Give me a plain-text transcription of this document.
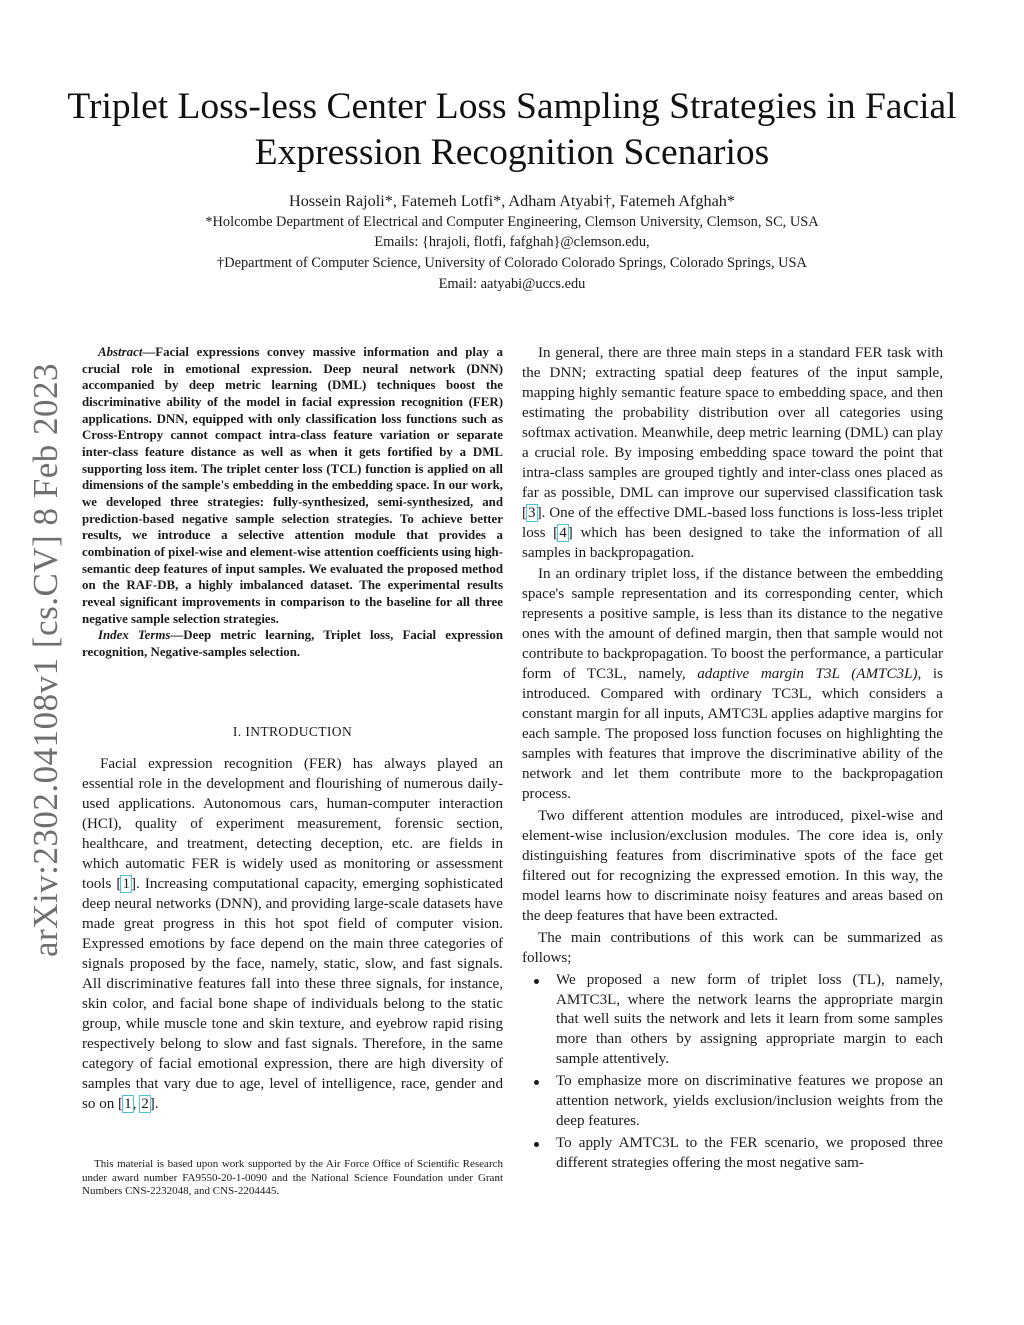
arXiv:2302.04108v1 [cs.CV] 8 Feb 2023
Triplet Loss-less Center Loss Sampling Strategies in Facial Expression Recognition Scenarios
Hossein Rajoli*, Fatemeh Lotfi*, Adham Atyabi†, Fatemeh Afghah*
*Holcombe Department of Electrical and Computer Engineering, Clemson University, Clemson, SC, USA
Emails: {hrajoli, flotfi, fafghah}@clemson.edu,
†Department of Computer Science, University of Colorado Colorado Springs, Colorado Springs, USA
Email: aatyabi@uccs.edu

Abstract—Facial expressions convey massive information and play a crucial role in emotional expression. Deep neural network (DNN) accompanied by deep metric learning (DML) techniques boost the discriminative ability of the model in facial expression recognition (FER) applications. DNN, equipped with only classification loss functions such as Cross-Entropy cannot compact intra-class feature variation or separate inter-class feature distance as well as when it gets fortified by a DML supporting loss item. The triplet center loss (TCL) function is applied on all dimensions of the sample's embedding in the embedding space. In our work, we developed three strategies: fully-synthesized, semi-synthesized, and prediction-based negative sample selection strategies. To achieve better results, we introduce a selective attention module that provides a combination of pixel-wise and element-wise attention coefficients using high-semantic deep features of input samples. We evaluated the proposed method on the RAF-DB, a highly imbalanced dataset. The experimental results reveal significant improvements in comparison to the baseline for all three negative sample selection strategies.

Index Terms—Deep metric learning, Triplet loss, Facial expression recognition, Negative-samples selection.

I. INTRODUCTION

Facial expression recognition (FER) has always played an essential role in the development and flourishing of numerous daily-used applications. Autonomous cars, human-computer interaction (HCI), quality of experiment measurement, forensic section, healthcare, and treatment, detecting deception, etc. are fields in which automatic FER is widely used as monitoring or assessment tools [1]. Increasing computational capacity, emerging sophisticated deep neural networks (DNN), and providing large-scale datasets have made great progress in this hot spot field of computer vision. Expressed emotions by face depend on the main three categories of signals proposed by the face, namely, static, slow, and fast signals. All discriminative features fall into these three signals, for instance, skin color, and facial bone shape of individuals belong to the static group, while muscle tone and skin texture, and eyebrow rapid rising respectively belong to slow and fast signals. Therefore, in the same category of facial emotional expression, there are high diversity of samples that vary due to age, level of intelligence, race, gender and so on [1, 2].

This material is based upon work supported by the Air Force Office of Scientific Research under award number FA9550-20-1-0090 and the National Science Foundation under Grant Numbers CNS-2232048, and CNS-2204445.

In general, there are three main steps in a standard FER task with the DNN; extracting spatial deep features of the input sample, mapping highly semantic feature space to embedding space, and then estimating the probability distribution over all categories using softmax activation. Meanwhile, deep metric learning (DML) can play a crucial role. By imposing embedding space toward the point that intra-class samples are grouped tightly and inter-class ones placed as far as possible, DML can improve our supervised classification task [3]. One of the effective DML-based loss functions is loss-less triplet loss [4] which has been designed to take the information of all samples in backpropagation.

In an ordinary triplet loss, if the distance between the embedding space's sample representation and its corresponding center, which represents a positive sample, is less than its distance to the negative ones with the amount of defined margin, then that sample would not contribute to backpropagation. To boost the performance, a particular form of TC3L, namely, adaptive margin T3L (AMTC3L), is introduced. Compared with ordinary TC3L, which considers a constant margin for all inputs, AMTC3L applies adaptive margins for each sample. The proposed loss function focuses on highlighting the samples with features that improve the discriminative ability of the network and let them contribute more to the backpropagation process.

Two different attention modules are introduced, pixel-wise and element-wise inclusion/exclusion modules. The core idea is, only distinguishing features from discriminative spots of the face get filtered out for recognizing the expressed emotion. In this way, the model learns how to discriminate noisy features and areas based on the deep features that have been extracted.

The main contributions of this work can be summarized as follows;

We proposed a new form of triplet loss (TL), namely, AMTC3L, where the network learns the appropriate margin that well suits the network and lets it learn from some samples more than others by assigning appropriate margin to each sample attentively.
To emphasize more on discriminative features we propose an attention network, yields exclusion/inclusion weights from the deep features.
To apply AMTC3L to the FER scenario, we proposed three different strategies offering the most negative sam-
